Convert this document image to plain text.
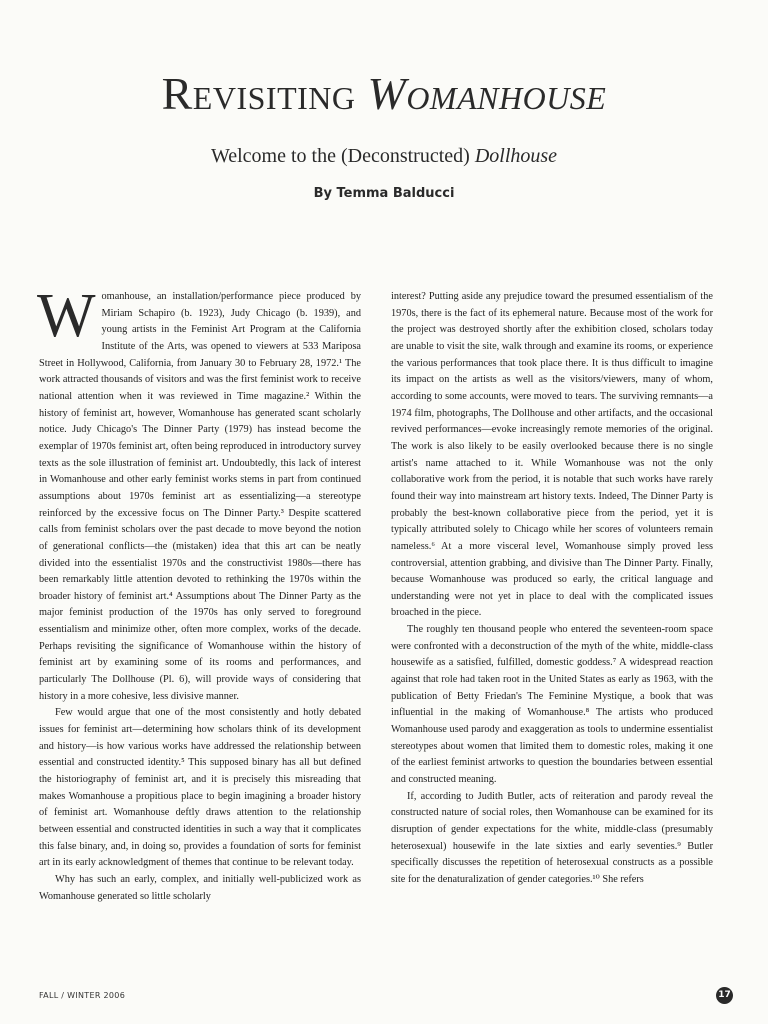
Revisiting Womanhouse
Welcome to the (Deconstructed) Dollhouse
By Temma Balducci

Womanhouse, an installation/performance piece produced by Miriam Schapiro (b. 1923), Judy Chicago (b. 1939), and young artists in the Feminist Art Program at the California Institute of the Arts, was opened to viewers at 533 Mariposa Street in Hollywood, California, from January 30 to February 28, 1972.¹ The work attracted thousands of visitors and was the first feminist work to receive national attention when it was reviewed in Time magazine.² Within the history of feminist art, however, Womanhouse has generated scant scholarly notice. Judy Chicago's The Dinner Party (1979) has instead become the exemplar of 1970s feminist art, often being reproduced in introductory survey texts as the sole illustration of feminist art. Undoubtedly, this lack of interest in Womanhouse and other early feminist works stems in part from continued assumptions about 1970s feminist art as essentializing—a stereotype reinforced by the excessive focus on The Dinner Party.³ Despite scattered calls from feminist scholars over the past decade to move beyond the notion of generational conflicts—the (mistaken) idea that this art can be neatly divided into the essentialist 1970s and the constructivist 1980s—there has been remarkably little attention devoted to rethinking the 1970s within the broader history of feminist art.⁴ Assumptions about The Dinner Party as the major feminist production of the 1970s has only served to foreground essentialism and minimize other, often more complex, works of the decade. Perhaps revisiting the significance of Womanhouse within the history of feminist art by examining some of its rooms and performances, and particularly The Dollhouse (Pl. 6), will provide ways of considering that history in a more cohesive, less divisive manner.

Few would argue that one of the most consistently and hotly debated issues for feminist art—determining how scholars think of its development and history—is how various works have addressed the relationship between essential and constructed identity.⁵ This supposed binary has all but defined the historiography of feminist art, and it is precisely this misreading that makes Womanhouse a propitious place to begin imagining a broader history of feminist art. Womanhouse deftly draws attention to the relationship between essential and constructed identities in such a way that it complicates this false binary, and, in doing so, provides a foundation of sorts for feminist art in its early acknowledgment of themes that continue to be relevant today.

Why has such an early, complex, and initially well-publicized work as Womanhouse generated so little scholarly

interest? Putting aside any prejudice toward the presumed essentialism of the 1970s, there is the fact of its ephemeral nature. Because most of the work for the project was destroyed shortly after the exhibition closed, scholars today are unable to visit the site, walk through and examine its rooms, or experience the various performances that took place there. It is thus difficult to imagine its impact on the artists as well as the visitors/viewers, many of whom, according to some accounts, were moved to tears. The surviving remnants—a 1974 film, photographs, The Dollhouse and other artifacts, and the occasional revived performances—evoke increasingly remote memories of the original. The work is also likely to be easily overlooked because there is no single artist's name attached to it. While Womanhouse was not the only collaborative work from the period, it is notable that such works have rarely found their way into mainstream art history texts. Indeed, The Dinner Party is probably the best-known collaborative piece from the period, yet it is typically attributed solely to Chicago while her scores of volunteers remain nameless.⁶ At a more visceral level, Womanhouse simply proved less controversial, attention grabbing, and divisive than The Dinner Party. Finally, because Womanhouse was produced so early, the critical language and understanding were not yet in place to deal with the complicated issues broached in the piece.

The roughly ten thousand people who entered the seventeen-room space were confronted with a deconstruction of the myth of the white, middle-class housewife as a satisfied, fulfilled, domestic goddess.⁷ A widespread reaction against that role had taken root in the United States as early as 1963, with the publication of Betty Friedan's The Feminine Mystique, a book that was influential in the making of Womanhouse.⁸ The artists who produced Womanhouse used parody and exaggeration as tools to undermine essentialist stereotypes about women that limited them to domestic roles, making it one of the earliest feminist artworks to question the boundaries between essential and constructed meaning.

If, according to Judith Butler, acts of reiteration and parody reveal the constructed nature of social roles, then Womanhouse can be examined for its disruption of gender expectations for the white, middle-class (presumably heterosexual) housewife in the late sixties and early seventies.⁹ Butler specifically discusses the repetition of heterosexual constructs as a possible site for the denaturalization of gender categories.¹⁰ She refers

FALL / WINTER 2006	17
